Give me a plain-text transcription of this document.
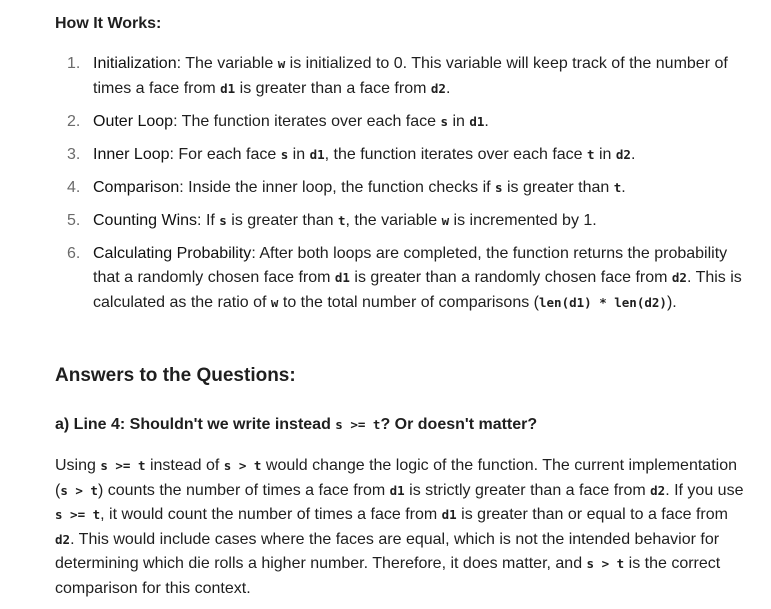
How It Works:
1. Initialization: The variable w is initialized to 0. This variable will keep track of the number of times a face from d1 is greater than a face from d2.
2. Outer Loop: The function iterates over each face s in d1.
3. Inner Loop: For each face s in d1, the function iterates over each face t in d2.
4. Comparison: Inside the inner loop, the function checks if s is greater than t.
5. Counting Wins: If s is greater than t, the variable w is incremented by 1.
6. Calculating Probability: After both loops are completed, the function returns the probability that a randomly chosen face from d1 is greater than a randomly chosen face from d2. This is calculated as the ratio of w to the total number of comparisons (len(d1) * len(d2)).
Answers to the Questions:
a) Line 4: Shouldn't we write instead s >= t? Or doesn't matter?

Using s >= t instead of s > t would change the logic of the function. The current implementation (s > t) counts the number of times a face from d1 is strictly greater than a face from d2. If you use s >= t, it would count the number of times a face from d1 is greater than or equal to a face from d2. This would include cases where the faces are equal, which is not the intended behavior for determining which die rolls a higher number. Therefore, it does matter, and s > t is the correct comparison for this context.
